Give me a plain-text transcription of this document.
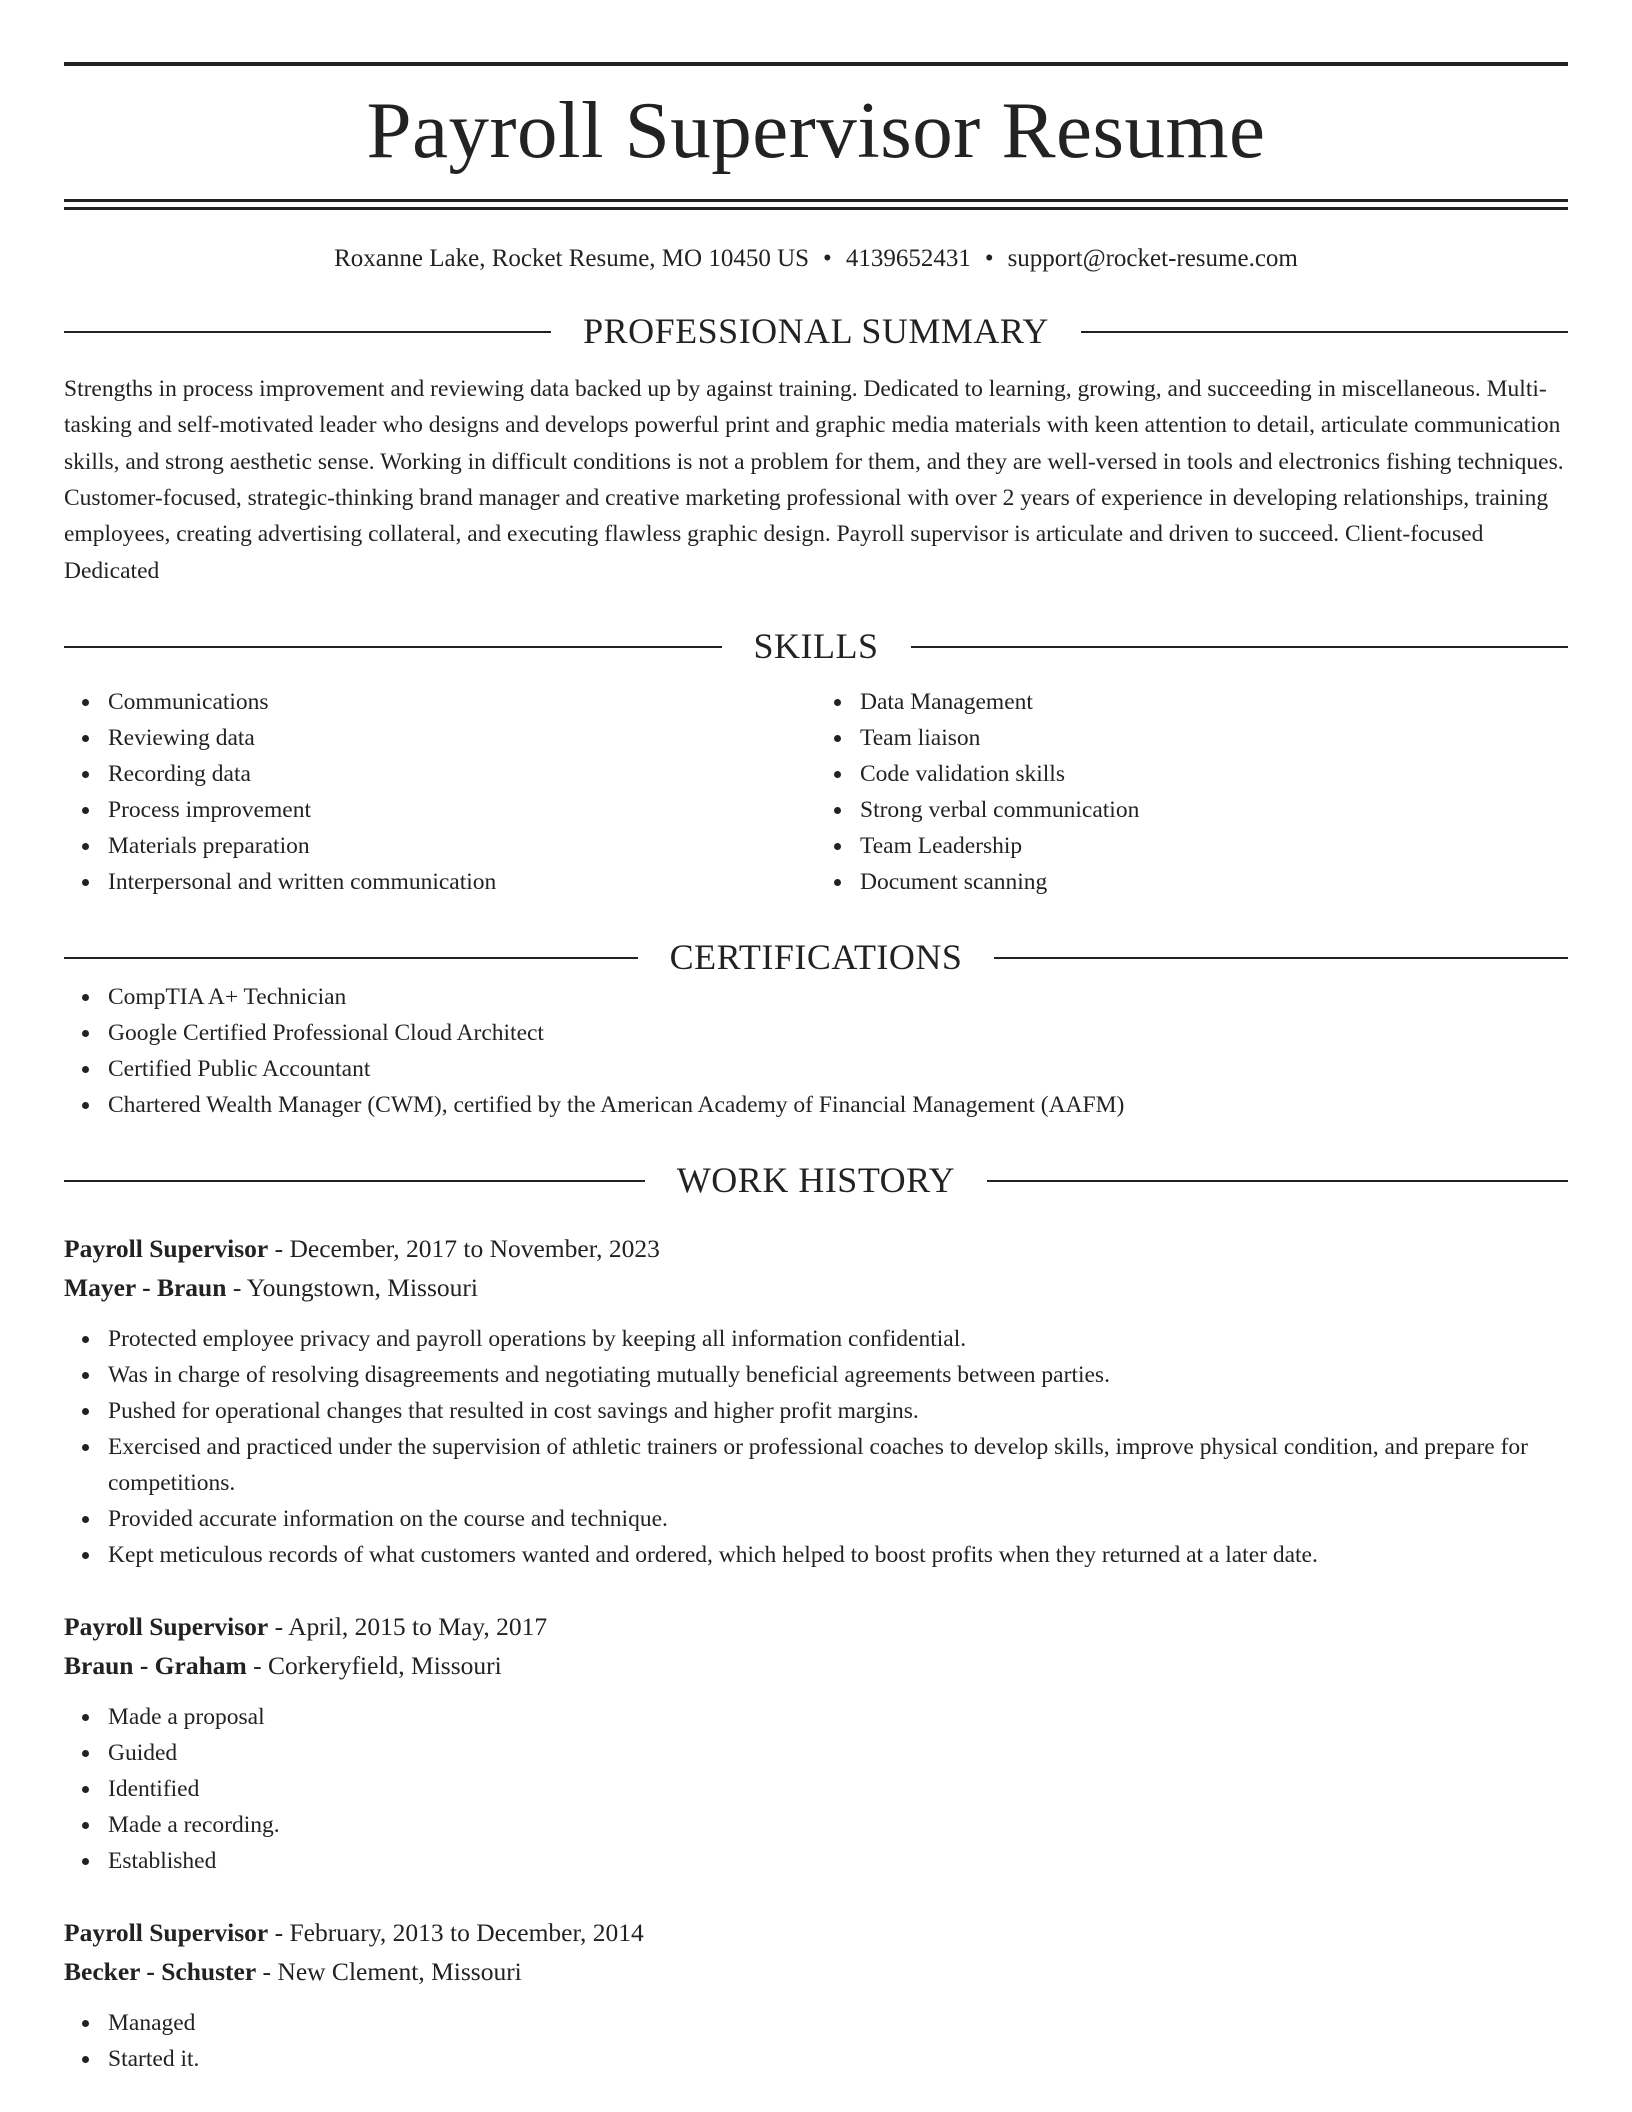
Payroll Supervisor Resume
Roxanne Lake, Rocket Resume, MO 10450 US • 4139652431 • support@rocket-resume.com
PROFESSIONAL SUMMARY

Strengths in process improvement and reviewing data backed up by against training. Dedicated to learning, growing, and succeeding in miscellaneous. Multi-tasking and self-motivated leader who designs and develops powerful print and graphic media materials with keen attention to detail, articulate communication skills, and strong aesthetic sense. Working in difficult conditions is not a problem for them, and they are well-versed in tools and electronics fishing techniques. Customer-focused, strategic-thinking brand manager and creative marketing professional with over 2 years of experience in developing relationships, training employees, creating advertising collateral, and executing flawless graphic design. Payroll supervisor is articulate and driven to succeed. Client-focused Dedicated

SKILLS
Communications
Reviewing data
Recording data
Process improvement
Materials preparation
Interpersonal and written communication
Data Management
Team liaison
Code validation skills
Strong verbal communication
Team Leadership
Document scanning
CERTIFICATIONS
CompTIA A+ Technician
Google Certified Professional Cloud Architect
Certified Public Accountant
Chartered Wealth Manager (CWM), certified by the American Academy of Financial Management (AAFM)
WORK HISTORY
Payroll Supervisor - December, 2017 to November, 2023
Mayer - Braun - Youngstown, Missouri
Protected employee privacy and payroll operations by keeping all information confidential.
Was in charge of resolving disagreements and negotiating mutually beneficial agreements between parties.
Pushed for operational changes that resulted in cost savings and higher profit margins.
Exercised and practiced under the supervision of athletic trainers or professional coaches to develop skills, improve physical condition, and prepare for competitions.
Provided accurate information on the course and technique.
Kept meticulous records of what customers wanted and ordered, which helped to boost profits when they returned at a later date.
Payroll Supervisor - April, 2015 to May, 2017
Braun - Graham - Corkeryfield, Missouri
Made a proposal
Guided
Identified
Made a recording.
Established
Payroll Supervisor - February, 2013 to December, 2014
Becker - Schuster - New Clement, Missouri
Managed
Started it.
